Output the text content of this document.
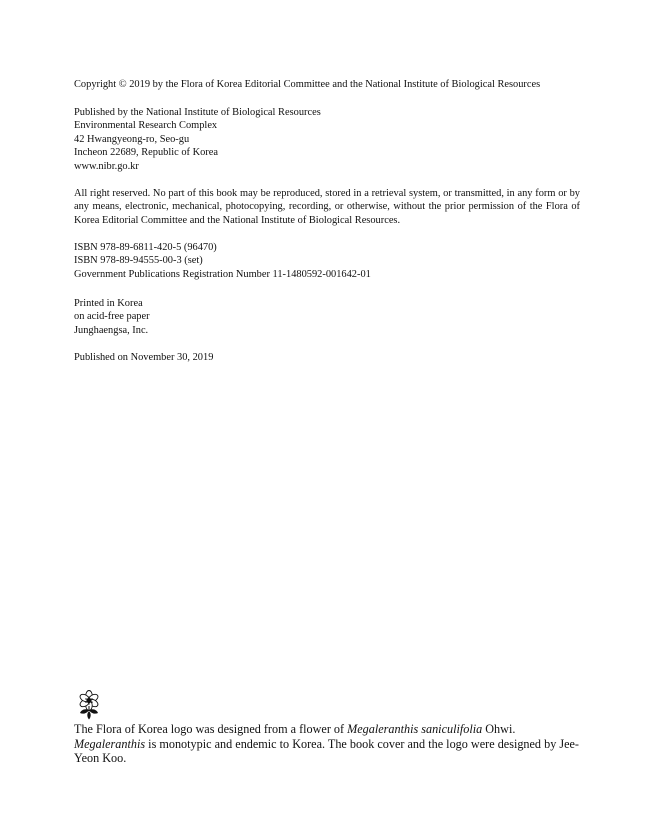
Copyright © 2019 by the Flora of Korea Editorial Committee and the National Institute of Biological Resources

Published by the National Institute of Biological Resources

Environmental Research Complex

42 Hwangyeong-ro, Seo-gu

Incheon 22689, Republic of Korea

www.nibr.go.kr

All right reserved. No part of this book may be reproduced, stored in a retrieval system, or transmitted, in any form or by any means, electronic, mechanical, photocopying, recording, or otherwise, without the prior permission of the Flora of Korea Editorial Committee and the National Institute of Biological Resources.

ISBN 978-89-6811-420-5 (96470)

ISBN 978-89-94555-00-3 (set)

Government Publications Registration Number 11-1480592-001642-01

Printed in Korea

on acid-free paper

Junghaengsa, Inc.

Published on November 30, 2019

The Flora of Korea logo was designed from a flower of Megaleranthis saniculifolia Ohwi.
Megaleranthis is monotypic and endemic to Korea. The book cover and the logo were designed by Jee-Yeon Koo.
